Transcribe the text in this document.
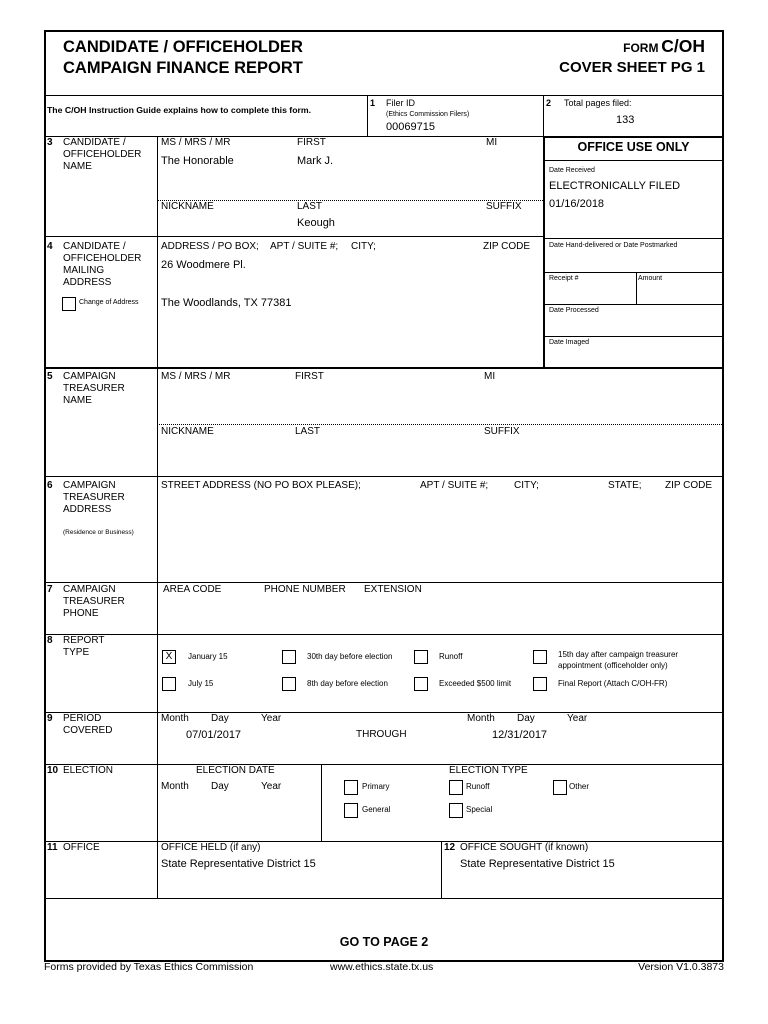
CANDIDATE / OFFICEHOLDER
CAMPAIGN FINANCE REPORT
FORM C/OH
COVER SHEET PG 1
The C/OH Instruction Guide explains how to complete this form.
1 Filer ID
(Ethics Commission Filers)
00069715
2 Total pages filed:
133
3 CANDIDATE /
OFFICEHOLDER
NAME
MS / MRS / MR	FIRST	MI
The Honorable	Mark J.
NICKNAME	LAST	SUFFIX
Keough
OFFICE USE ONLY
Date Received
ELECTRONICALLY FILED
01/16/2018
Date Hand-delivered or Date Postmarked
Receipt #	Amount
Date Processed
Date Imaged
4 CANDIDATE /
OFFICEHOLDER
MAILING
ADDRESS
Change of Address
ADDRESS / PO BOX; APT / SUITE #; CITY;	ZIP CODE
26 Woodmere Pl.
The Woodlands, TX 77381
5 CAMPAIGN
TREASURER
NAME
MS / MRS / MR	FIRST	MI
NICKNAME	LAST	SUFFIX
6 CAMPAIGN
TREASURER
ADDRESS
(Residence or Business)
STREET ADDRESS (NO PO BOX PLEASE);	APT / SUITE #;	CITY;	STATE; ZIP CODE
7 CAMPAIGN
TREASURER
PHONE
AREA CODE	PHONE NUMBER EXTENSION
8 REPORT
TYPE	X	January 15	30th day before election	Runoff	15th day after campaign treasurer
appointment (officeholder only)
July 15	8th day before election	Exceeded $500 limit	Final Report (Attach C/OH-FR)
9 PERIOD
COVERED
Month Day	Year	Month Day	Year
07/01/2017	THROUGH	12/31/2017
10 ELECTION	ELECTION DATE
Month Day	Year
ELECTION TYPE
Primary	Runoff	Other
General	Special
11 OFFICE	OFFICE HELD (if any)
State Representative District 15
12 OFFICE SOUGHT (if known)
State Representative District 15
GO TO PAGE 2
Forms provided by Texas Ethics Commission	www.ethics.state.tx.us	Version V1.0.3873
